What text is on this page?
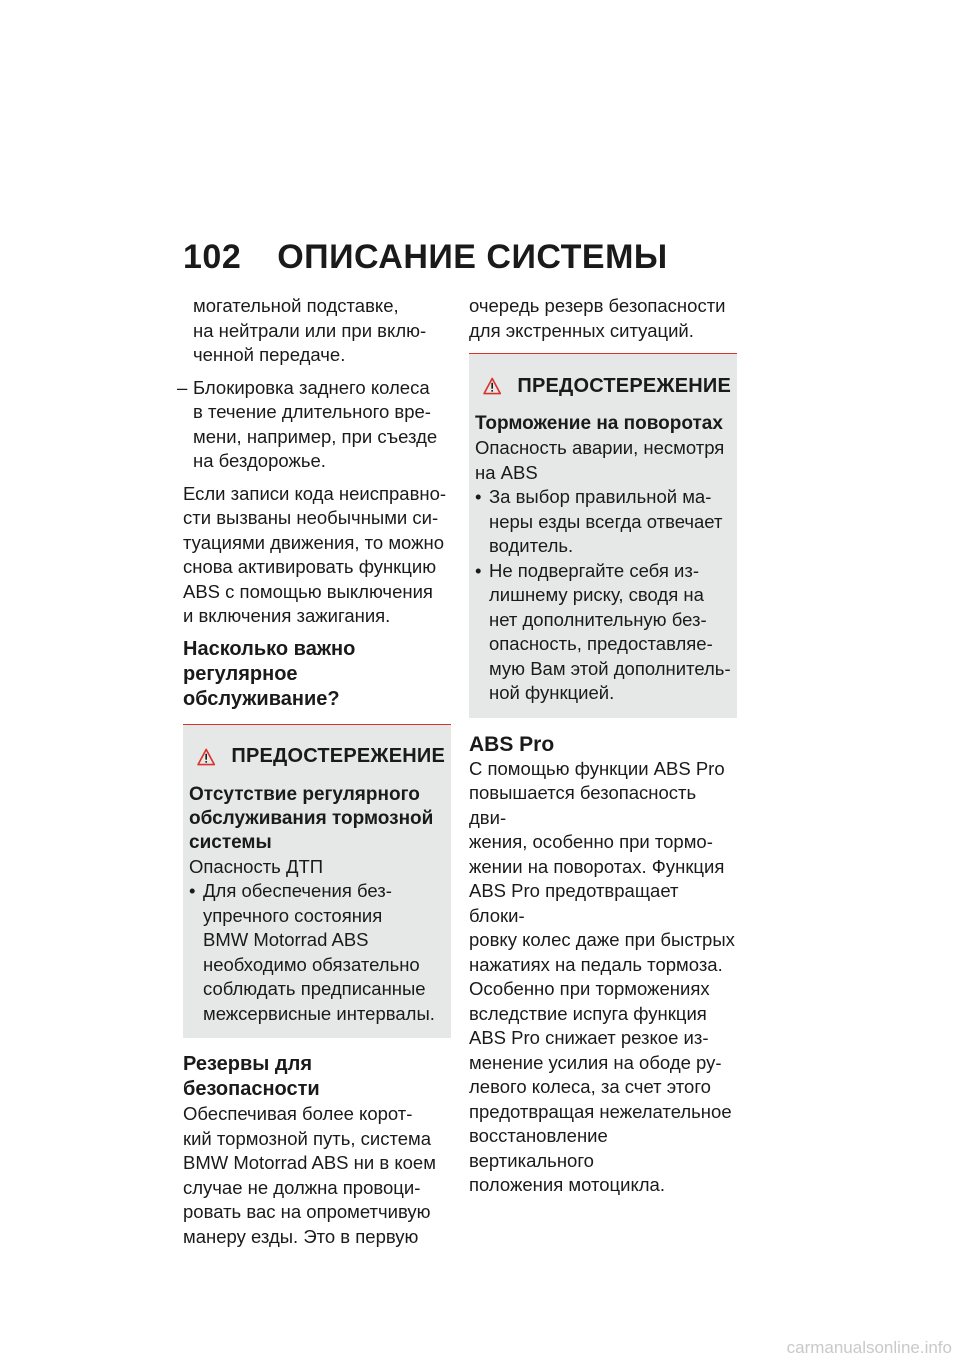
102 ОПИСАНИЕ СИСТЕМЫ
могательной подставке,
на нейтрали или при вклю-
ченной передаче.
– Блокировка заднего колеса
в течение длительного вре-
мени, например, при съезде
на бездорожье.
Если записи кода неисправно-
сти вызваны необычными си-
туациями движения, то можно
снова активировать функцию
ABS с помощью выключения
и включения зажигания.
Насколько важно
регулярное обслуживание?
ПРЕДОСТЕРЕЖЕНИЕ
Отсутствие регулярного
обслуживания тормозной
системы
Опасность ДТП
• Для обеспечения без-
упречного состояния
BMW Motorrad ABS
необходимо обязательно
соблюдать предписанные
межсервисные интервалы.
Резервы для безопасности
Обеспечивая более корот-
кий тормозной путь, система
BMW Motorrad ABS ни в коем
случае не должна провоци-
ровать вас на опрометчивую
манеру езды. Это в первую
очередь резерв безопасности
для экстренных ситуаций.
ПРЕДОСТЕРЕЖЕНИЕ
Торможение на поворотах
Опасность аварии, несмотря
на ABS
• За выбор правильной ма-
неры езды всегда отвечает
водитель.
• Не подвергайте себя из-
лишнему риску, сводя на
нет дополнительную без-
опасность, предоставляе-
мую Вам этой дополнитель-
ной функцией.
ABS Pro
С помощью функции ABS Pro
повышается безопасность дви-
жения, особенно при тормо-
жении на поворотах. Функция
ABS Pro предотвращает блоки-
ровку колес даже при быстрых
нажатиях на педаль тормоза.
Особенно при торможениях
вследствие испуга функция
ABS Pro снижает резкое из-
менение усилия на ободе ру-
левого колеса, за счет этого
предотвращая нежелательное
восстановление вертикального
положения мотоцикла.
carmanualsonline.info
